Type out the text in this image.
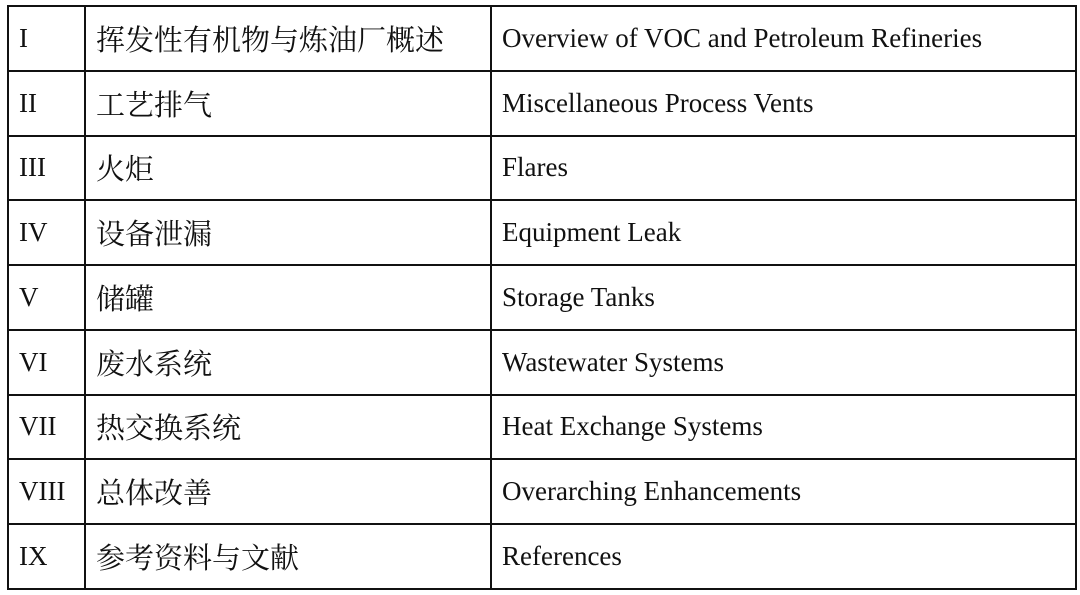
I	挥发性有机物与炼油厂概述	Overview of VOC and Petroleum Refineries
II	工艺排气	Miscellaneous Process Vents
III	火炬	Flares
IV	设备泄漏	Equipment Leak
V	储罐	Storage Tanks
VI	废水系统	Wastewater Systems
VII	热交换系统	Heat Exchange Systems
VIII	总体改善	Overarching Enhancements
IX	参考资料与文献	References
